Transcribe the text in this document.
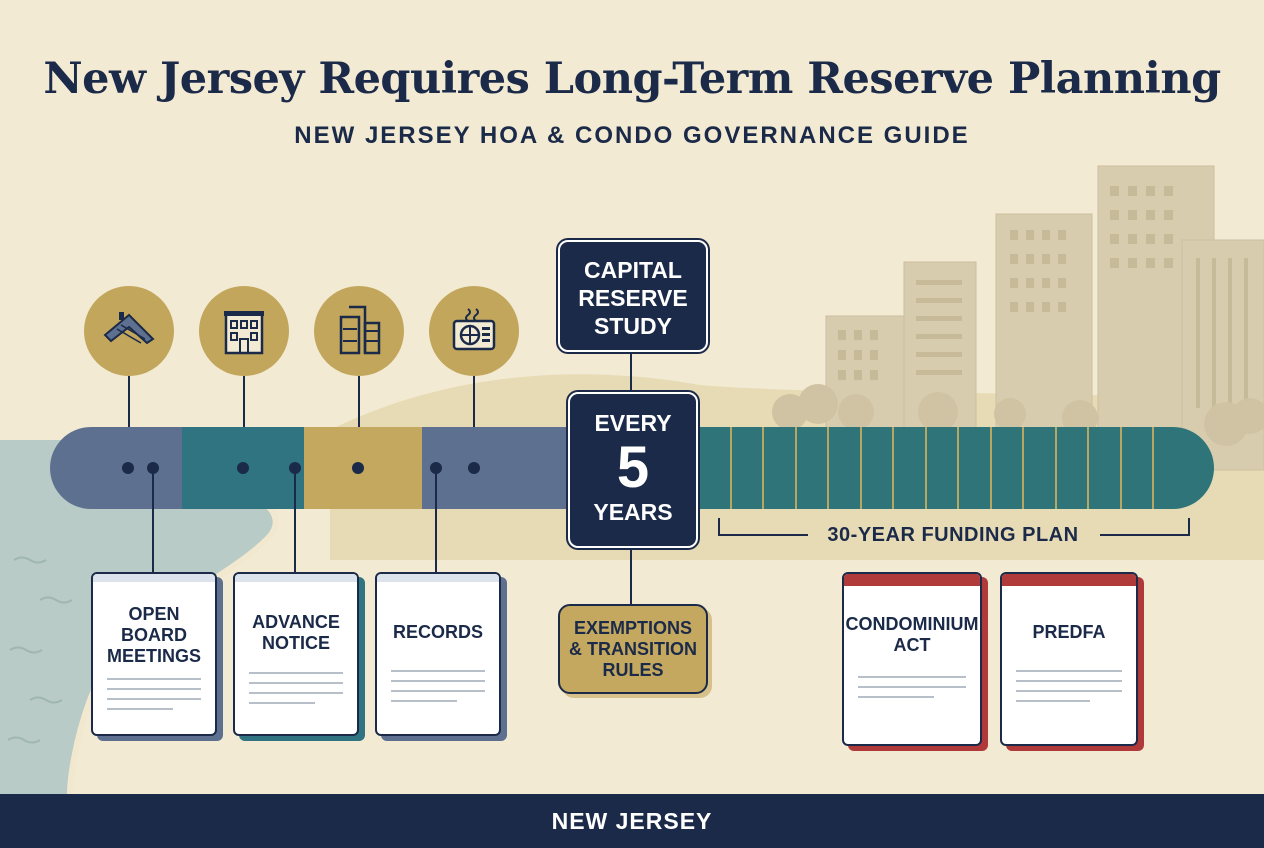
New Jersey Requires Long-Term Reserve Planning
NEW JERSEY HOA & CONDO GOVERNANCE GUIDE
CAPITAL
RESERVE
STUDY
EVERY
5
YEARS
EXEMPTIONS
& TRANSITION
RULES
30-YEAR FUNDING PLAN
OPEN
BOARD
MEETINGS
ADVANCE
NOTICE
RECORDS	CONDOMINIUM
ACT
PREDFA
NEW JERSEY
